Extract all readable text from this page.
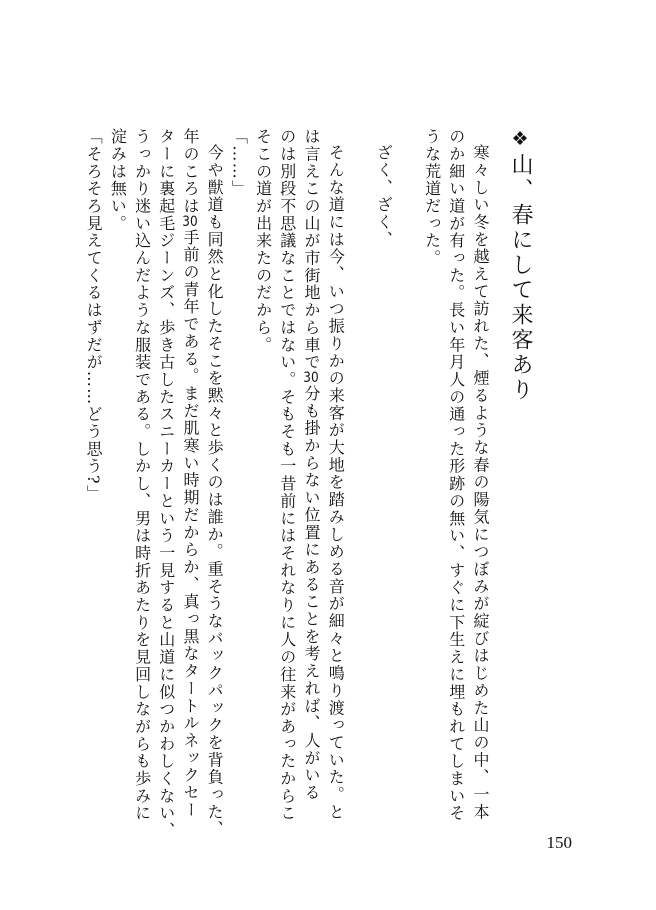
❖山、春にして来客あり

寒々しい冬を越えて訪れた、煙るような春の陽気につぼみが綻びはじめた山の中、一本

のか細い道が有った。長い年月人の通った形跡の無い、すぐに下生えに埋もれてしまいそ

うな荒道だった。

ざく、ざく、

そんな道には今、いつ振りかの来客が大地を踏みしめる音が細々と鳴り渡っていた。と

は言えこの山が市街地から車で30分も掛からない位置にあることを考えれば、人がいる

のは別段不思議なことではない。そもそも一昔前にはそれなりに人の往来があったからこ

そこの道が出来たのだから。

「……」

今や獣道も同然と化したそこを黙々と歩くのは誰か。重そうなバックパックを背負った、

年のころは30手前の青年である。まだ肌寒い時期だからか、真っ黒なタートルネックセー

ターに裏起毛ジーンズ、歩き古したスニーカーという一見すると山道に似つかわしくない、

うっかり迷い込んだような服装である。しかし、男は時折あたりを見回しながらも歩みに

淀みは無い。

「そろそろ見えてくるはずだが……どう思う?」

150
